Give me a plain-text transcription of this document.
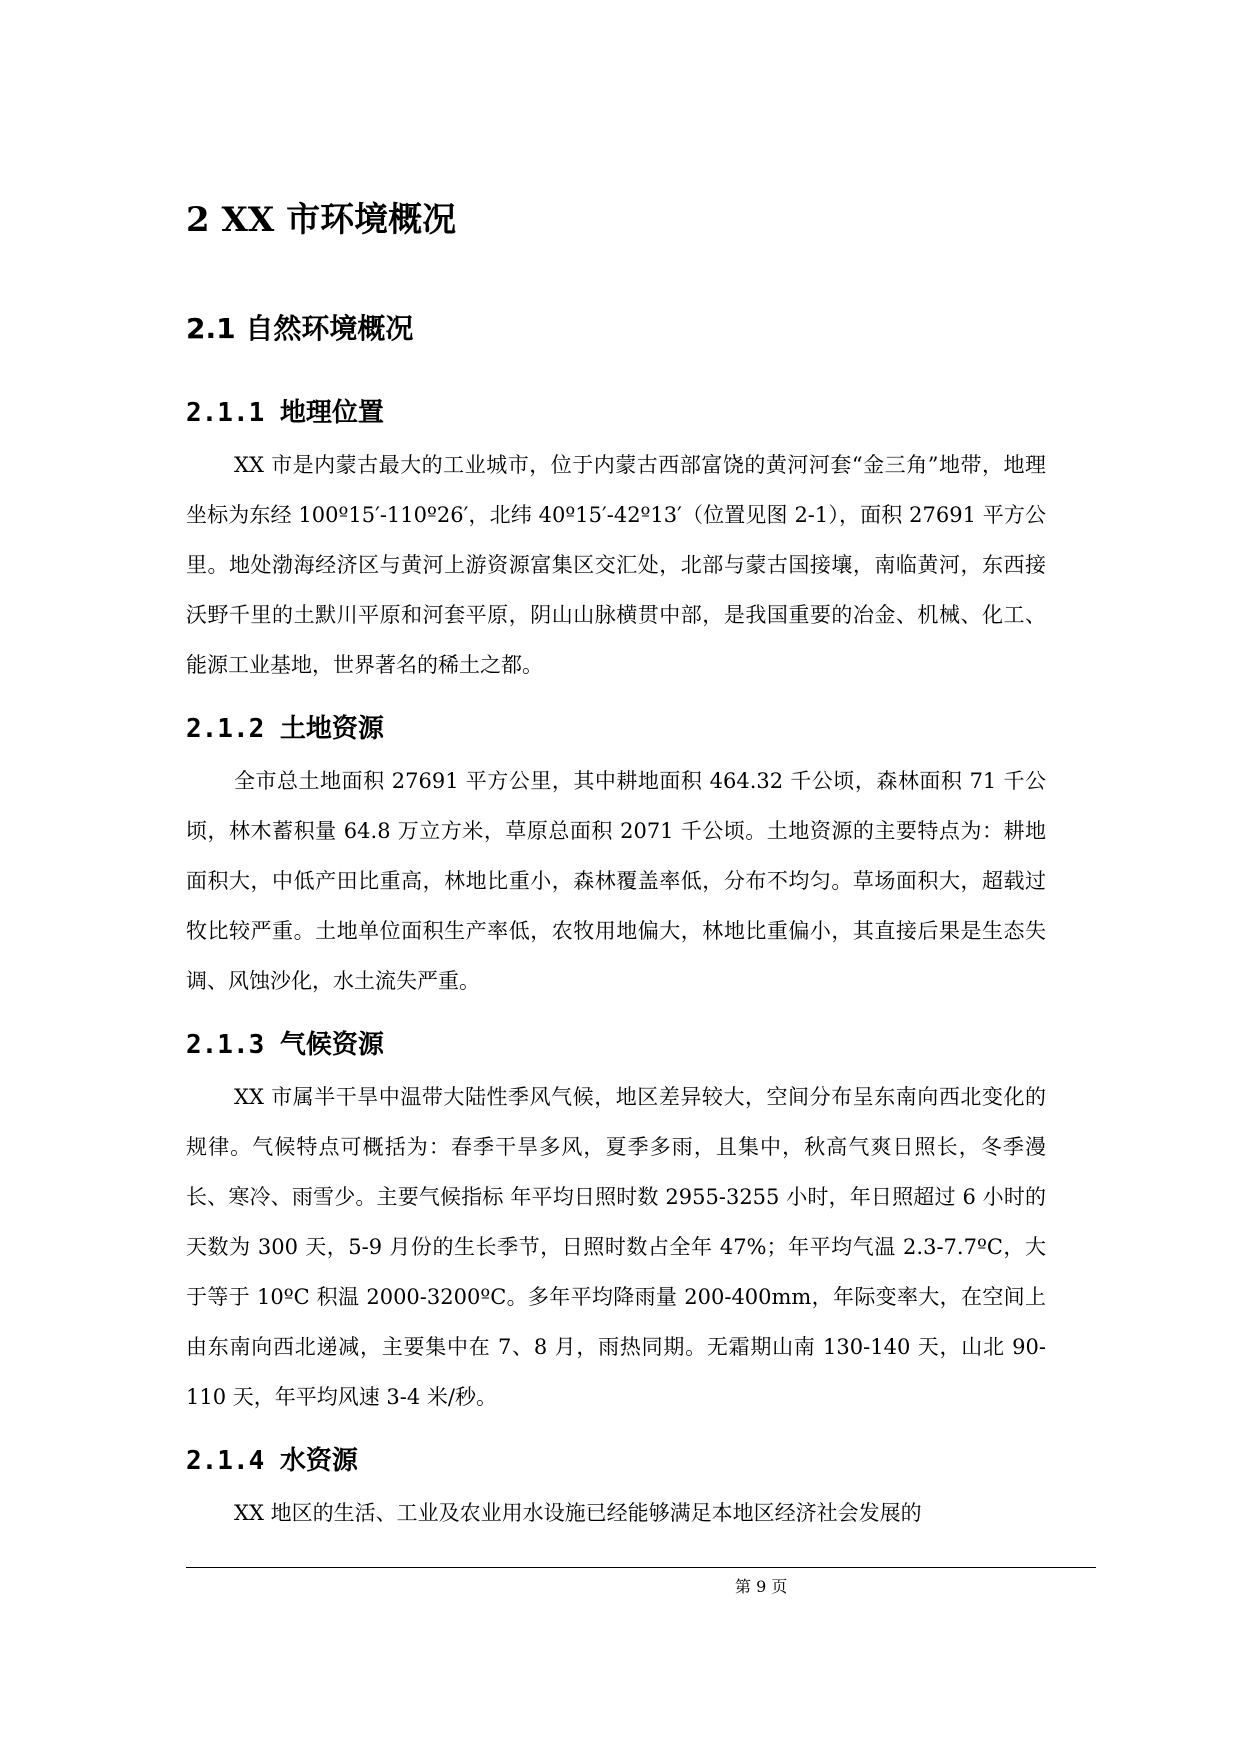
2 XX 市环境概况
2.1 自然环境概况
2.1.1 地理位置

XX 市是内蒙古最大的工业城市，位于内蒙古西部富饶的黄河河套“金三角”地带，地理坐标为东经 100º15′-110º26′，北纬 40º15′-42º13′（位置见图 2-1），面积 27691 平方公里。地处渤海经济区与黄河上游资源富集区交汇处，北部与蒙古国接壤，南临黄河，东西接沃野千里的土默川平原和河套平原，阴山山脉横贯中部，是我国重要的冶金、机械、化工、能源工业基地，世界著名的稀土之都。

2.1.2 土地资源

全市总土地面积 27691 平方公里，其中耕地面积 464.32 千公顷，森林面积 71 千公顷，林木蓄积量 64.8 万立方米，草原总面积 2071 千公顷。土地资源的主要特点为：耕地面积大，中低产田比重高，林地比重小，森林覆盖率低，分布不均匀。草场面积大，超载过牧比较严重。土地单位面积生产率低，农牧用地偏大，林地比重偏小，其直接后果是生态失调、风蚀沙化，水土流失严重。

2.1.3 气候资源

XX 市属半干旱中温带大陆性季风气候，地区差异较大，空间分布呈东南向西北变化的规律。气候特点可概括为：春季干旱多风，夏季多雨，且集中，秋高气爽日照长，冬季漫长、寒冷、雨雪少。主要气候指标 年平均日照时数 2955-3255 小时，年日照超过 6 小时的天数为 300 天，5-9 月份的生长季节，日照时数占全年 47%；年平均气温 2.3-7.7ºC，大于等于 10ºC 积温 2000-3200ºC。多年平均降雨量 200-400mm，年际变率大，在空间上由东南向西北递减，主要集中在 7、8 月，雨热同期。无霜期山南 130-140 天，山北 90-110 天，年平均风速 3-4 米/秒。

2.1.4 水资源

XX 地区的生活、工业及农业用水设施已经能够满足本地区经济社会发展的

第 9 页
